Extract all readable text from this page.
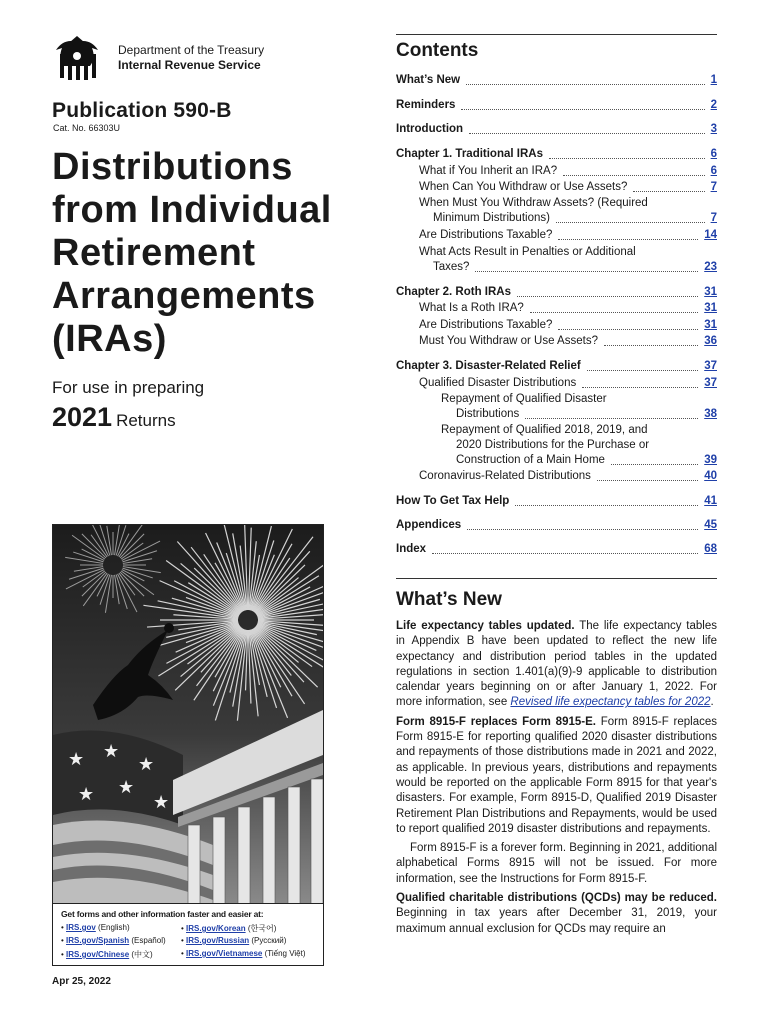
Department of the Treasury
Internal Revenue Service
Publication 590-B
Cat. No. 66303U
Distributions
from Individual
Retirement
Arrangements
(IRAs)
For use in preparing
2021 Returns
★ ★
★
★ ★
★
Get forms and other information faster and easier at:
• IRS.gov (English)
• IRS.gov/Spanish (Español)
• IRS.gov/Chinese (中文)
• IRS.gov/Korean (한국어)
• IRS.gov/Russian (Русский)
• IRS.gov/Vietnamese (Tiếng Việt)
Apr 25, 2022
Contents
What’s New	1
Reminders	2
Introduction	3
Chapter 1. Traditional IRAs	6
What if You Inherit an IRA?	6
When Can You Withdraw or Use Assets?	7
When Must You Withdraw Assets? (Required
Minimum Distributions)	7
Are Distributions Taxable?	14
What Acts Result in Penalties or Additional
Taxes?	23
Chapter 2. Roth IRAs	31
What Is a Roth IRA?	31
Are Distributions Taxable?	31
Must You Withdraw or Use Assets?	36
Chapter 3. Disaster-Related Relief	37
Qualified Disaster Distributions	37
Repayment of Qualified Disaster
Distributions	38
Repayment of Qualified 2018, 2019, and
2020 Distributions for the Purchase or
Construction of a Main Home	39
Coronavirus-Related Distributions	40
How To Get Tax Help	41
Appendices	45
Index	68
What’s New

Life expectancy tables updated. The life expectancy tables in Appendix B have been updated to reflect the new life expectancy and distribution period tables in the updated regulations in section 1.401(a)(9)-9 applicable to distribution calendar years beginning on or after January 1, 2022. For more information, see Revised life expectancy tables for 2022.

Form 8915-F replaces Form 8915-E. Form 8915-F replaces Form 8915-E for reporting qualified 2020 disaster distributions and repayments of those distributions made in 2021 and 2022, as applicable. In previous years, distributions and repayments would be reported on the applicable Form 8915 for that year's disasters. For example, Form 8915-D, Qualified 2019 Disaster Retirement Plan Distributions and Repayments, would be used to report qualified 2019 disaster distributions and repayments.

Form 8915-F is a forever form. Beginning in 2021, additional alphabetical Forms 8915 will not be issued. For more information, see the Instructions for Form 8915-F.

Qualified charitable distributions (QCDs) may be reduced. Beginning in tax years after December 31, 2019, your maximum annual exclusion for QCDs may require an
